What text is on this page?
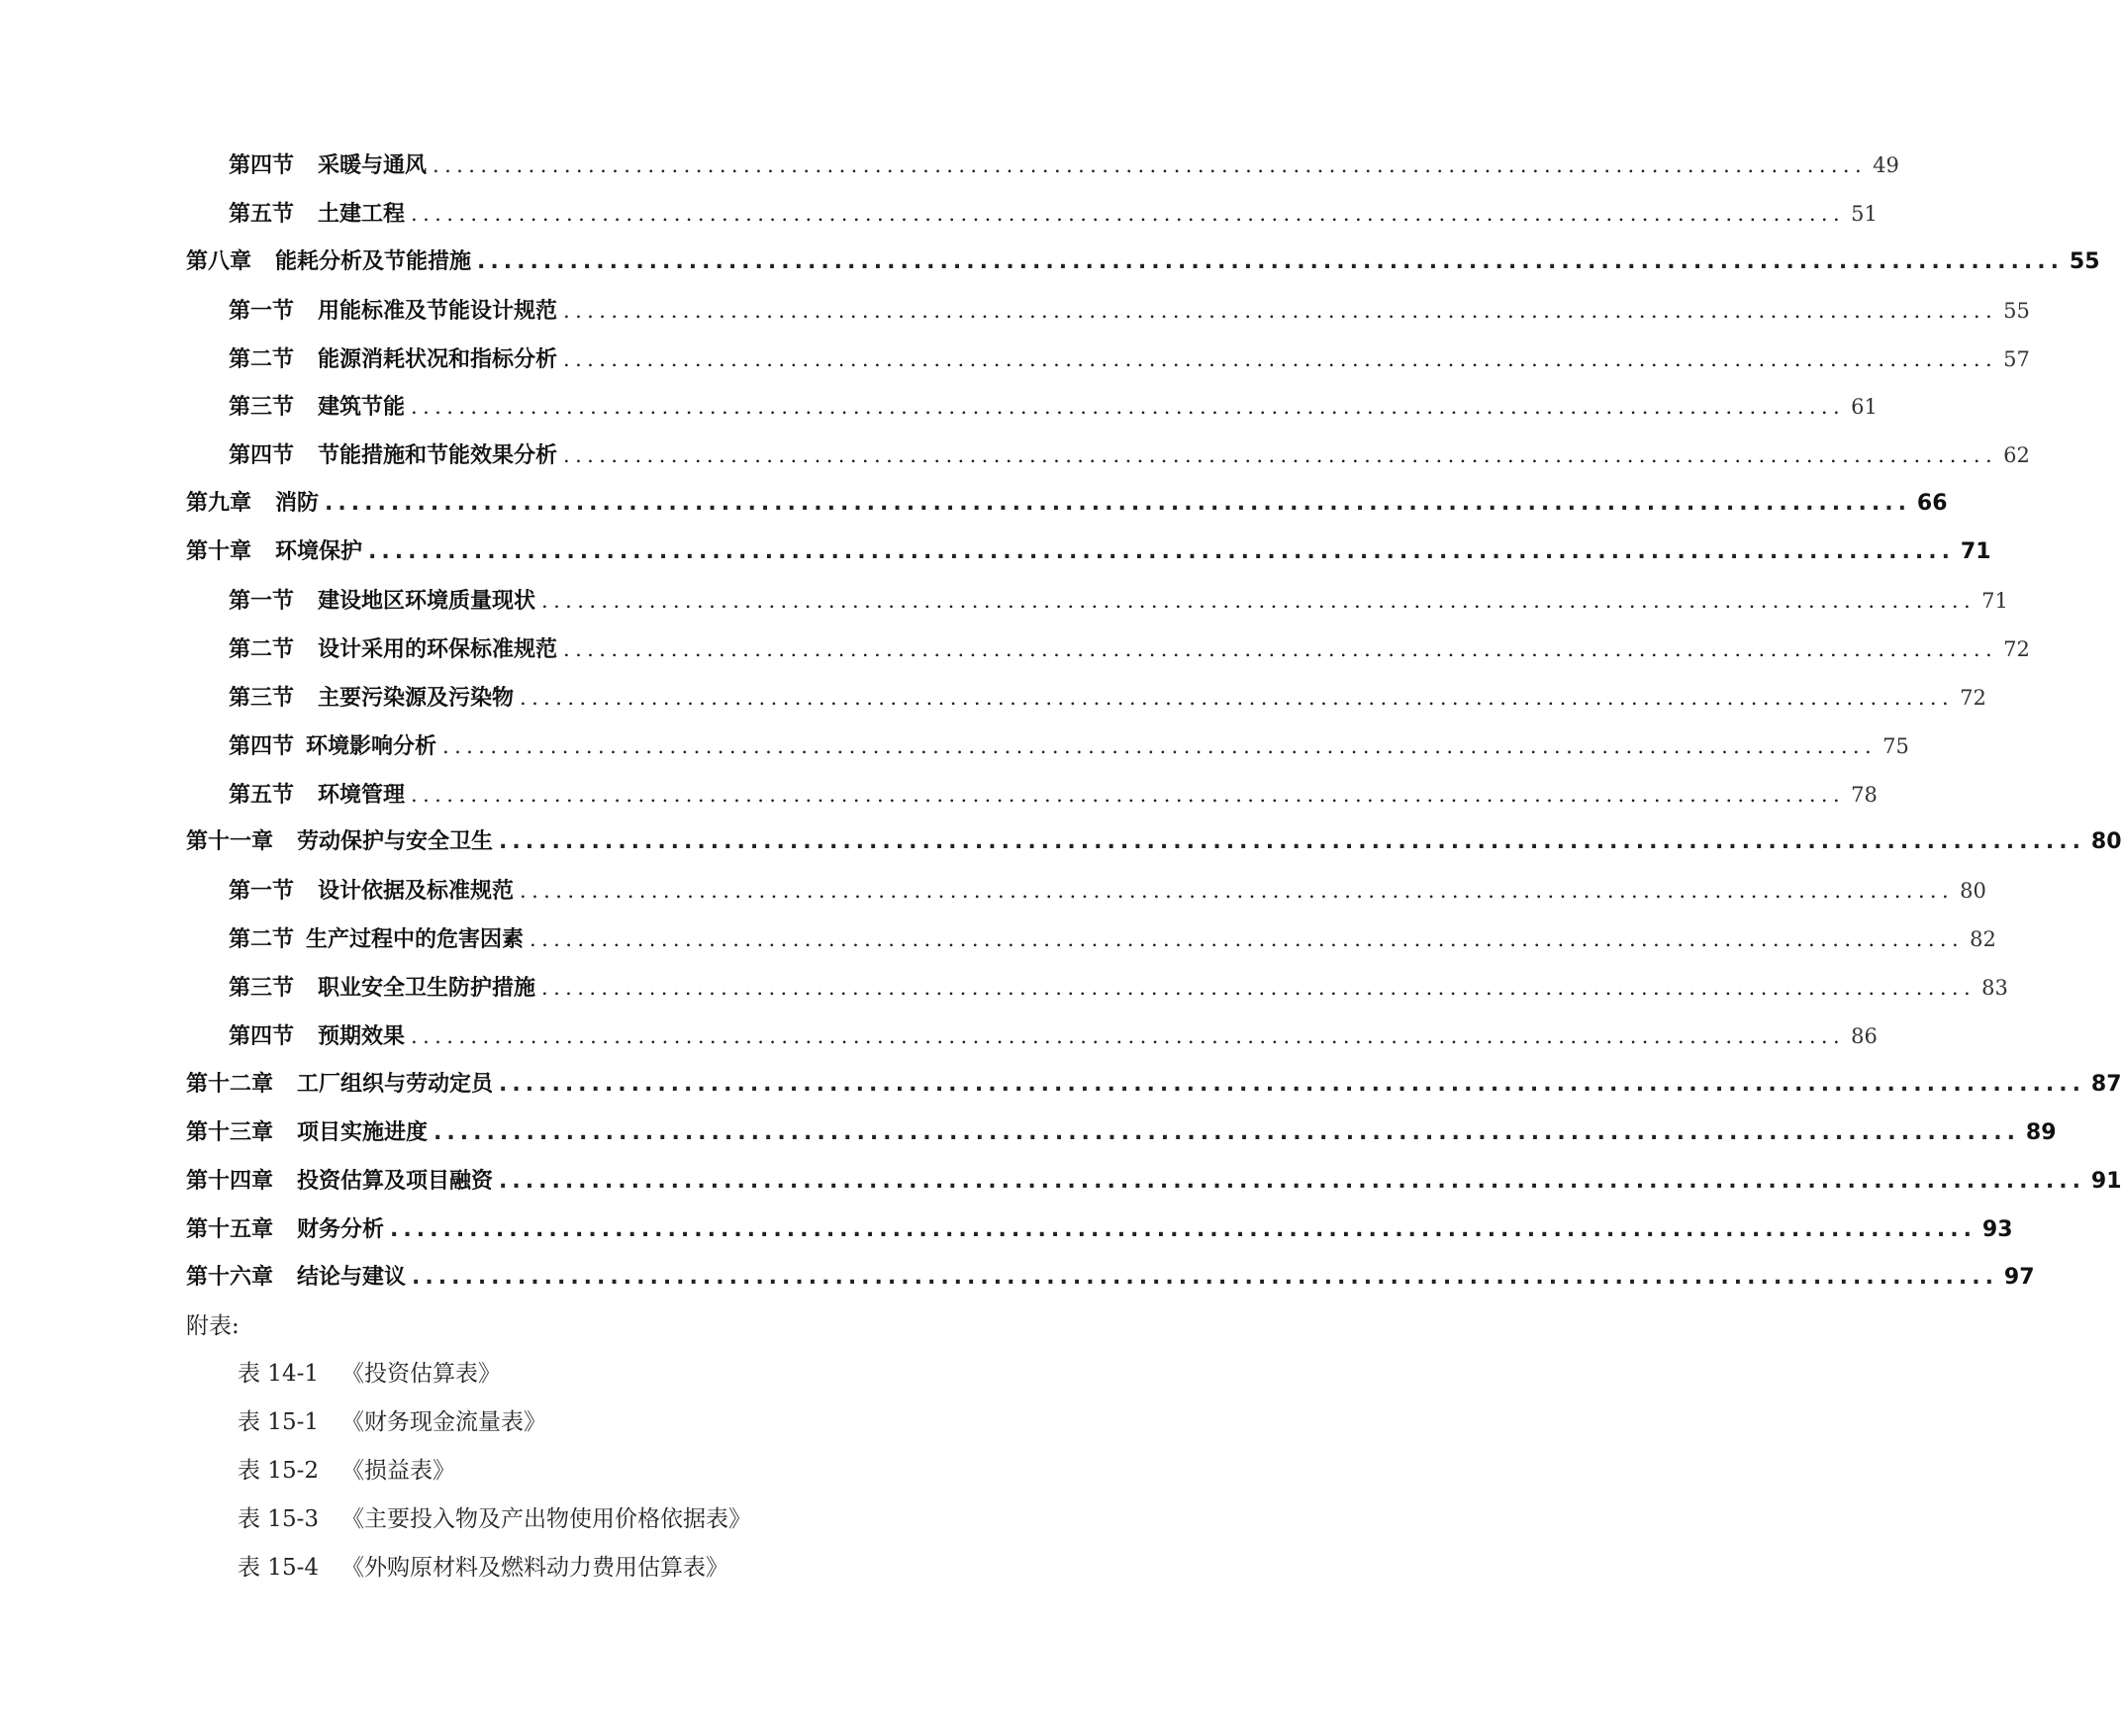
第四节 采暖与通风 ........................................................................................................................ 49
第五节 土建工程 ........................................................................................................................ 51
第八章 能耗分析及节能措施 ........................................................................................................................ 55
第一节 用能标准及节能设计规范 ........................................................................................................................ 55
第二节 能源消耗状况和指标分析 ........................................................................................................................ 57
第三节 建筑节能 ........................................................................................................................ 61
第四节 节能措施和节能效果分析 ........................................................................................................................ 62
第九章 消防 ........................................................................................................................ 66
第十章 环境保护 ........................................................................................................................ 71
第一节 建设地区环境质量现状 ........................................................................................................................ 71
第二节 设计采用的环保标准规范 ........................................................................................................................ 72
第三节 主要污染源及污染物 ........................................................................................................................ 72
第四节 环境影响分析 ........................................................................................................................ 75
第五节 环境管理 ........................................................................................................................ 78
第十一章 劳动保护与安全卫生 ........................................................................................................................ 80
第一节 设计依据及标准规范 ........................................................................................................................ 80
第二节 生产过程中的危害因素 ........................................................................................................................ 82
第三节 职业安全卫生防护措施 ........................................................................................................................ 83
第四节 预期效果 ........................................................................................................................ 86
第十二章 工厂组织与劳动定员 ........................................................................................................................ 87
第十三章 项目实施进度 ........................................................................................................................ 89
第十四章 投资估算及项目融资 ........................................................................................................................ 91
第十五章 财务分析 ........................................................................................................................ 93
第十六章 结论与建议 ........................................................................................................................ 97
附表:
表 14-1 《投资估算表》
表 15-1 《财务现金流量表》
表 15-2 《损益表》
表 15-3 《主要投入物及产出物使用价格依据表》
表 15-4 《外购原材料及燃料动力费用估算表》
